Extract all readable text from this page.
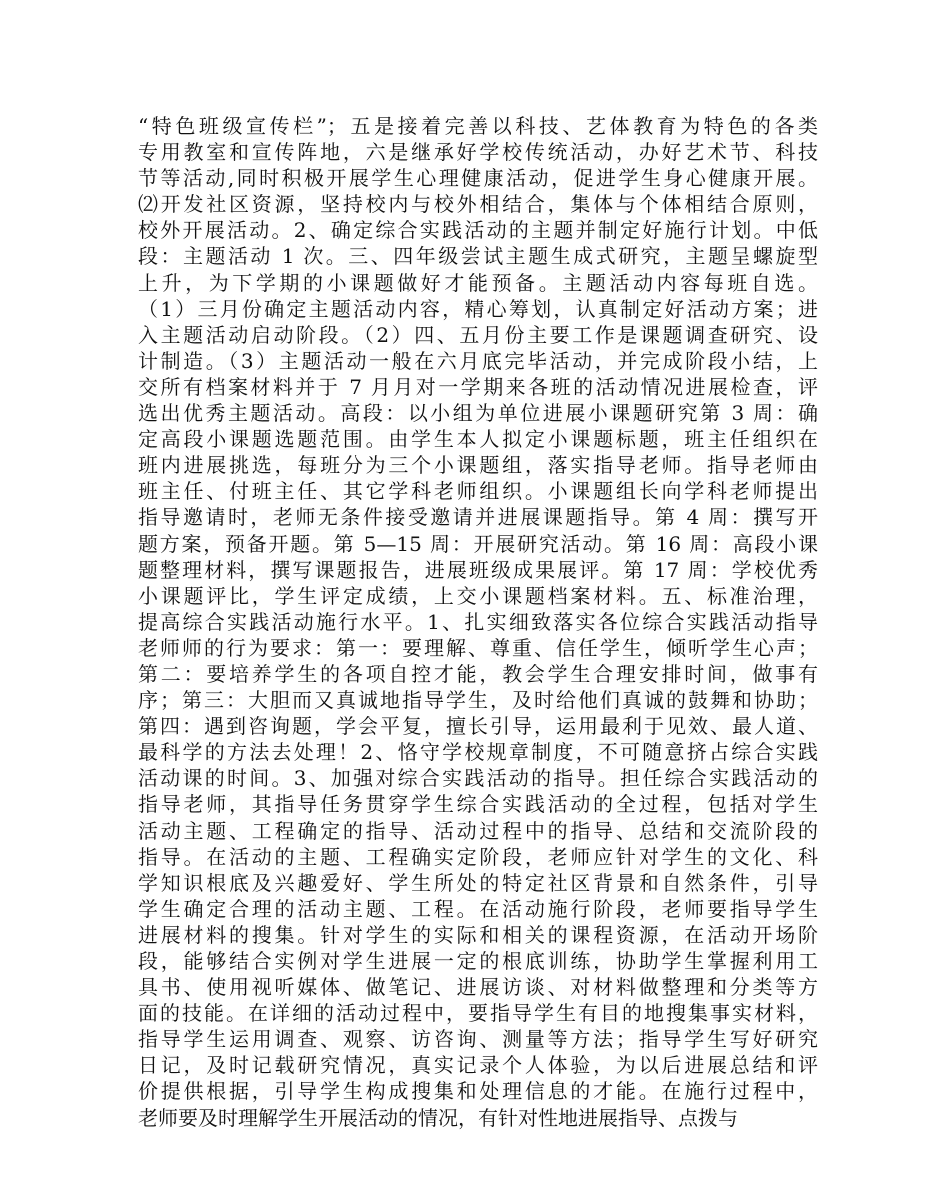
“特色班级宣传栏”；五是接着完善以科技、艺体教育为特色的各类
专用教室和宣传阵地，六是继承好学校传统活动，办好艺术节、科技
节等活动,同时积极开展学生心理健康活动，促进学生身心健康开展。
⑵开发社区资源，坚持校内与校外相结合，集体与个体相结合原则，
校外开展活动。2、确定综合实践活动的主题并制定好施行计划。中低
段：主题活动 1 次。三、四年级尝试主题生成式研究，主题呈螺旋型
上升，为下学期的小课题做好才能预备。主题活动内容每班自选。
（1）三月份确定主题活动内容，精心筹划，认真制定好活动方案；进
入主题活动启动阶段。（2）四、五月份主要工作是课题调查研究、设
计制造。（3）主题活动一般在六月底完毕活动，并完成阶段小结，上
交所有档案材料并于 7 月月对一学期来各班的活动情况进展检查，评
选出优秀主题活动。高段：以小组为单位进展小课题研究第 3 周：确
定高段小课题选题范围。由学生本人拟定小课题标题，班主任组织在
班内进展挑选，每班分为三个小课题组，落实指导老师。指导老师由
班主任、付班主任、其它学科老师组织。小课题组长向学科老师提出
指导邀请时，老师无条件接受邀请并进展课题指导。第 4 周：撰写开
题方案，预备开题。第 5—15 周：开展研究活动。第 16 周：高段小课
题整理材料，撰写课题报告，进展班级成果展评。第 17 周：学校优秀
小课题评比，学生评定成绩，上交小课题档案材料。五、标准治理，
提高综合实践活动施行水平。1、扎实细致落实各位综合实践活动指导
老师师的行为要求：第一：要理解、尊重、信任学生，倾听学生心声；
第二：要培养学生的各项自控才能，教会学生合理安排时间，做事有
序；第三：大胆而又真诚地指导学生，及时给他们真诚的鼓舞和协助；
第四：遇到咨询题，学会平复，擅长引导，运用最利于见效、最人道、
最科学的方法去处理！2、恪守学校规章制度，不可随意挤占综合实践
活动课的时间。3、加强对综合实践活动的指导。担任综合实践活动的
指导老师，其指导任务贯穿学生综合实践活动的全过程，包括对学生
活动主题、工程确定的指导、活动过程中的指导、总结和交流阶段的
指导。在活动的主题、工程确实定阶段，老师应针对学生的文化、科
学知识根底及兴趣爱好、学生所处的特定社区背景和自然条件，引导
学生确定合理的活动主题、工程。在活动施行阶段，老师要指导学生
进展材料的搜集。针对学生的实际和相关的课程资源，在活动开场阶
段，能够结合实例对学生进展一定的根底训练，协助学生掌握利用工
具书、使用视听媒体、做笔记、进展访谈、对材料做整理和分类等方
面的技能。在详细的活动过程中，要指导学生有目的地搜集事实材料，
指导学生运用调查、观察、访咨询、测量等方法；指导学生写好研究
日记，及时记载研究情况，真实记录个人体验，为以后进展总结和评
价提供根据，引导学生构成搜集和处理信息的才能。在施行过程中，
老师要及时理解学生开展活动的情况，有针对性地进展指导、点拨与
